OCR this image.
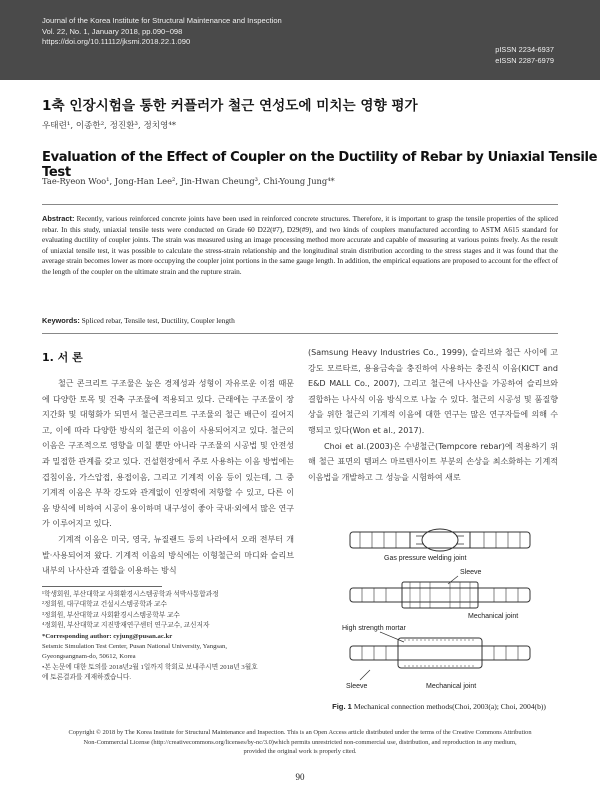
Journal of the Korea Institute for Structural Maintenance and Inspection
Vol. 22, No. 1, January 2018, pp.090~098
https://doi.org/10.11112/jksmi.2018.22.1.090
pISSN 2234-6937
eISSN 2287-6979
1축 인장시험을 통한 커플러가 철근 연성도에 미치는 영향 평가
우태련¹, 이종한², 정진환³, 정치영⁴*
Evaluation of the Effect of Coupler on the Ductility of Rebar by Uniaxial Tensile Test
Tae-Ryeon Woo¹, Jong-Han Lee², Jin-Hwan Cheung³, Chi-Young Jung⁴*
Abstract: Recently, various reinforced concrete joints have been used in reinforced concrete structures. Therefore, it is important to grasp the tensile properties of the spliced rebar. In this study, uniaxial tensile tests were conducted on Grade 60 D22(#7), D29(#9), and two kinds of couplers manufactured according to ASTM A615 standard for evaluating ductility of coupler joints. The strain was measured using an image processing method more accurate and capable of measuring at various points freely. As the result of uniaxial tensile test, it was possible to calculate the stress-strain relationship and the longitudinal strain distribution according to the stress stages and it was found that the average strain becomes lower as more occupying the coupler joint portions in the same gauge length. In addition, the empirical equations are proposed to account for the effect of the length of the coupler on the ultimate strain and the rupture strain.
Keywords: Spliced rebar, Tensile test, Ductility, Coupler length
1. 서 론

철근 콘크리트 구조물은 높은 경제성과 성형이 자유로운 이점 때문에 다양한 토목 및 건축 구조물에 적용되고 있다. 근래에는 구조물이 장지간화 및 대형화가 되면서 철근콘크리트 구조물의 철근 배근이 길어지고, 이에 따라 다양한 방식의 철근의 이음이 사용되어지고 있다. 철근의 이음은 구조적으로 영향을 미칠 뿐만 아니라 구조물의 시공법 및 안전성과 밀접한 관계를 갖고 있다. 건설현장에서 주로 사용하는 이음 방법에는 겹침이음, 가스압접, 용접이음, 그리고 기계적 이음 등이 있는데, 그 중 기계적 이음은 부착 강도와 관계없이 인장력에 저항할 수 있고, 다른 이음 방식에 비하여 시공이 용이하며 내구성이 좋아 국내·외에서 많은 연구가 이루어지고 있다.

기계적 이음은 미국, 영국, 뉴질랜드 등의 나라에서 오래 전부터 개발·사용되어져 왔다. 기계적 이음의 방식에는 이형철근의 마디와 슬리브 내부의 나사산과 결합을 이용하는 방식

(Samsung Heavy Industries Co., 1999), 슬리브와 철근 사이에 고강도 모르타르, 용융금속을 충진하여 사용하는 충진식 이음(KICT and E&D MALL Co., 2007), 그리고 철근에 나사산을 가공하여 슬리브와 결합하는 나사식 이음 방식으로 나눌 수 있다. 철근의 시공성 및 품질향상을 위한 철근의 기계적 이음에 대한 연구는 많은 연구자들에 의해 수행되고 있다(Won et al., 2017).

Choi et al.(2003)은 수냉철근(Tempcore rebar)에 적용하기 위해 철근 표면의 템퍼스 마르텐사이트 부분의 손상을 최소화하는 기계적 이음법을 개발하고 그 성능을 시험하여 새로

¹학생회원, 부산대학교 사회환경시스템공학과 석박사통합과정
²정회원, 대구대학교 건설시스템공학과 교수
³정회원, 부산대학교 사회환경시스템공학부 교수
⁴정회원, 부산대학교 지진방재연구센터 연구교수, 교신저자
*Corresponding author: cyjung@pusan.ac.kr
Seismic Simulation Test Center, Pusan National University, Yangsan,
Gyeongsangnam-do, 50612, Korea
•본 논문에 대한 토의를 2018년2월 1일까지 학회로 보내주시면 2018년 3월호
에 토론결과를 게재하겠습니다.
Gas pressure welding joint
Sleeve
Mechanical joint
High strength mortar
Sleeve	Mechanical joint
Fig. 1 Mechanical connection methods(Choi, 2003(a); Choi, 2004(b))
Copyright © 2018 by The Korea Institute for Structural Maintenance and Inspection. This is an Open Access article distributed under the terms of the Creative Commons Attribution
Non-Commercial License (http://creativecommons.org/licenses/by-nc/3.0)which permits unrestricted non-commercial use, distribution, and reproduction in any medium,
provided the original work is properly cited.
90
